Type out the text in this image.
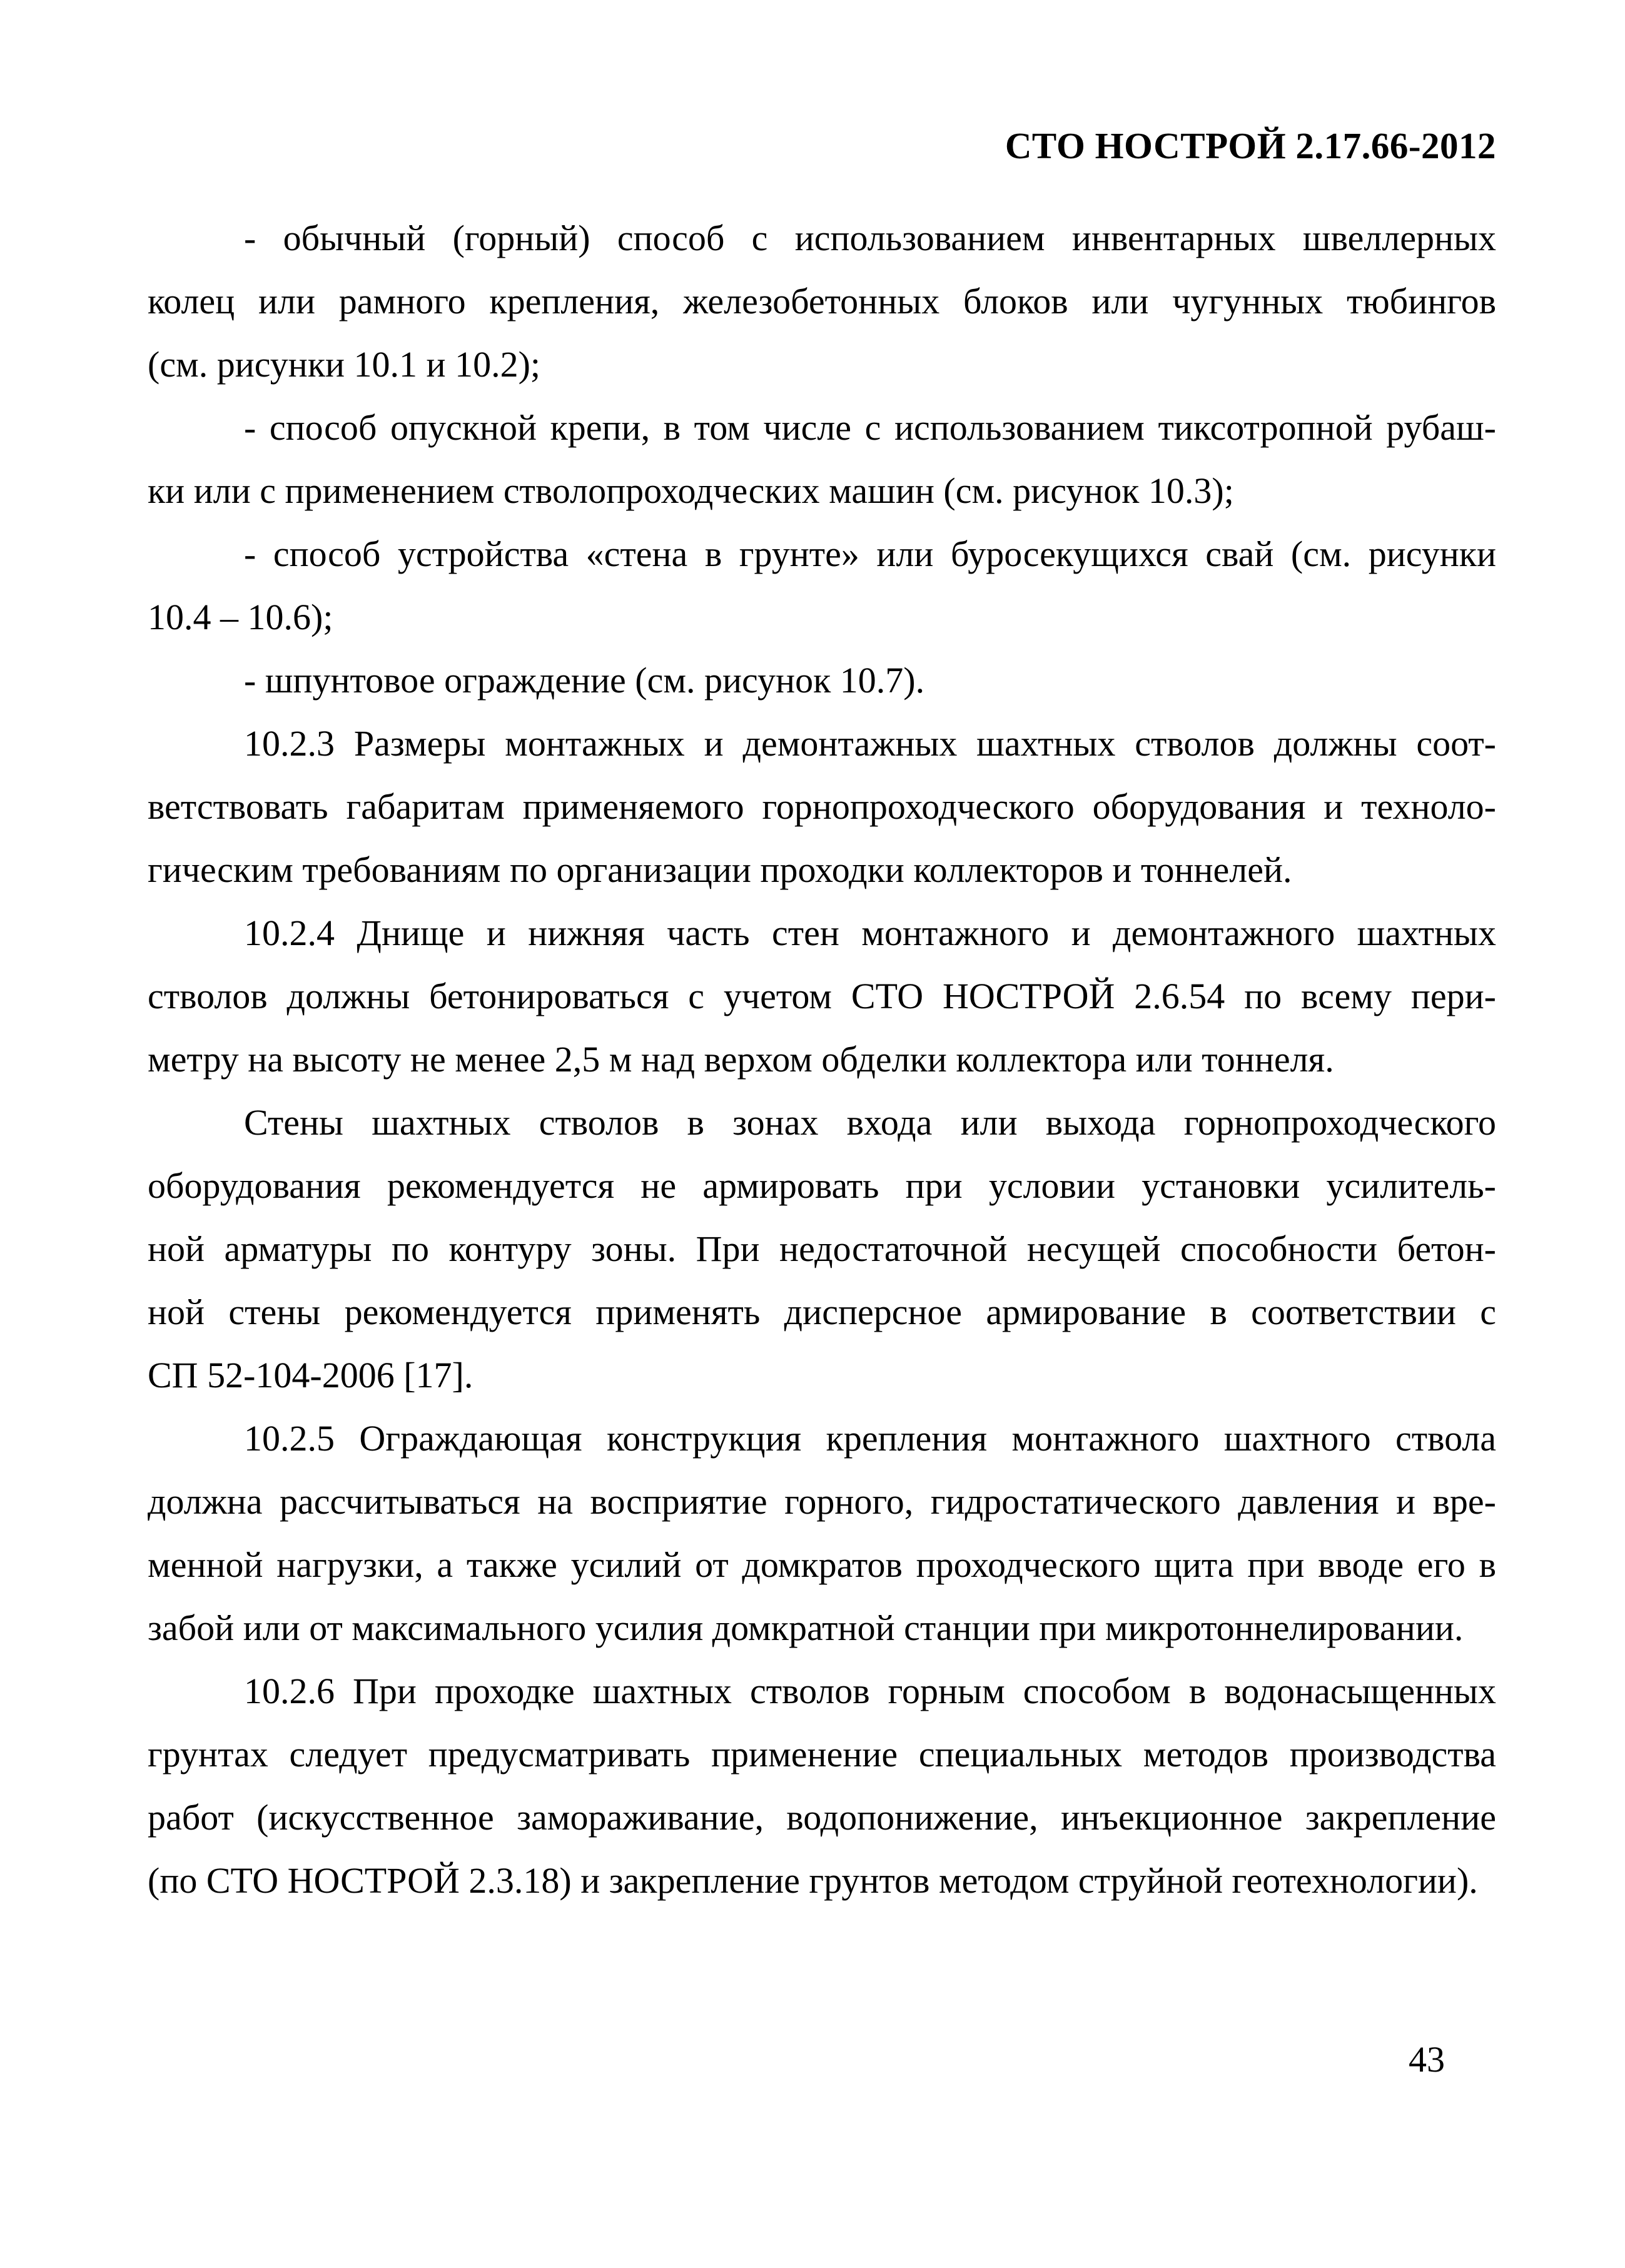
СТО НОСТРОЙ 2.17.66-2012
- обычный (горный) способ с использованием инвентарных швеллерных
колец или рамного крепления, железобетонных блоков или чугунных тюбингов
(см. рисунки 10.1 и 10.2);
- способ опускной крепи, в том числе с использованием тиксотропной рубаш-
ки или с применением стволопроходческих машин (см. рисунок 10.3);
- способ устройства «стена в грунте» или буросекущихся свай (см. рисунки
10.4 – 10.6);
- шпунтовое ограждение (см. рисунок 10.7).
10.2.3 Размеры монтажных и демонтажных шахтных стволов должны соот-
ветствовать габаритам применяемого горнопроходческого оборудования и техноло-
гическим требованиям по организации проходки коллекторов и тоннелей.
10.2.4 Днище и нижняя часть стен монтажного и демонтажного шахтных
стволов должны бетонироваться с учетом СТО НОСТРОЙ 2.6.54 по всему пери-
метру на высоту не менее 2,5 м над верхом обделки коллектора или тоннеля.
Стены шахтных стволов в зонах входа или выхода горнопроходческого
оборудования рекомендуется не армировать при условии установки усилитель-
ной арматуры по контуру зоны. При недостаточной несущей способности бетон-
ной стены рекомендуется применять дисперсное армирование в соответствии с
СП 52-104-2006 [17].
10.2.5 Ограждающая конструкция крепления монтажного шахтного ствола
должна рассчитываться на восприятие горного, гидростатического давления и вре-
менной нагрузки, а также усилий от домкратов проходческого щита при вводе его в
забой или от максимального усилия домкратной станции при микротоннелировании.
10.2.6 При проходке шахтных стволов горным способом в водонасыщенных
грунтах следует предусматривать применение специальных методов производства
работ (искусственное замораживание, водопонижение, инъекционное закрепление
(по СТО НОСТРОЙ 2.3.18) и закрепление грунтов методом струйной геотехнологии).
43
